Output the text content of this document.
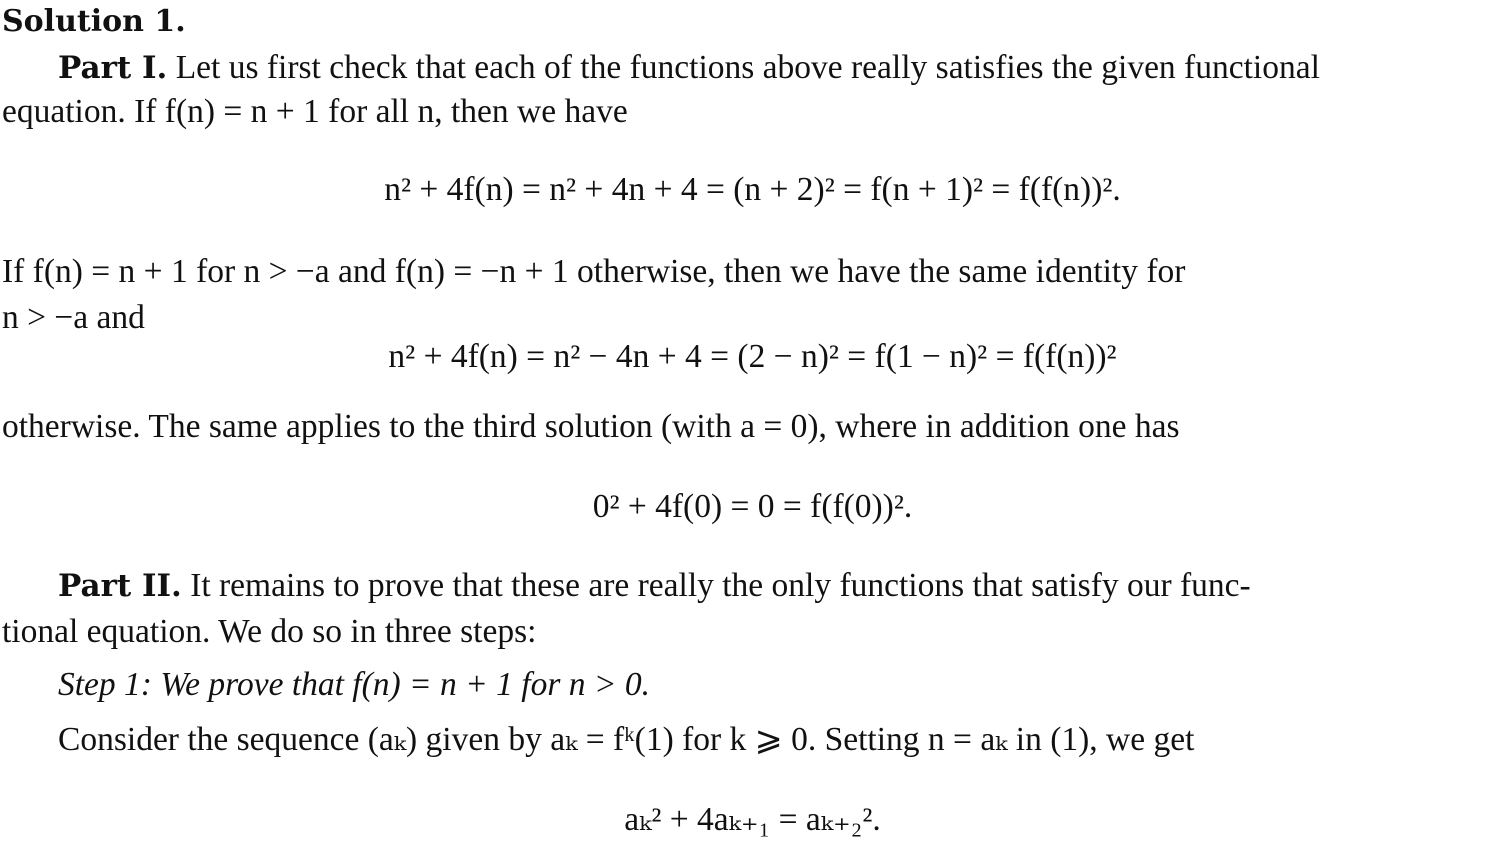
Solution 1.
Part I. Let us first check that each of the functions above really satisfies the given functional
equation. If f(n) = n + 1 for all n, then we have
n² + 4f(n) = n² + 4n + 4 = (n + 2)² = f(n + 1)² = f(f(n))².
If f(n) = n + 1 for n > −a and f(n) = −n + 1 otherwise, then we have the same identity for
n > −a and
n² + 4f(n) = n² − 4n + 4 = (2 − n)² = f(1 − n)² = f(f(n))²
otherwise. The same applies to the third solution (with a = 0), where in addition one has
0² + 4f(0) = 0 = f(f(0))².
Part II. It remains to prove that these are really the only functions that satisfy our func-
tional equation. We do so in three steps:
Step 1: We prove that f(n) = n + 1 for n > 0.
Consider the sequence (aₖ) given by aₖ = fᵏ(1) for k ⩾ 0. Setting n = aₖ in (1), we get
aₖ² + 4aₖ₊₁ = aₖ₊₂².
